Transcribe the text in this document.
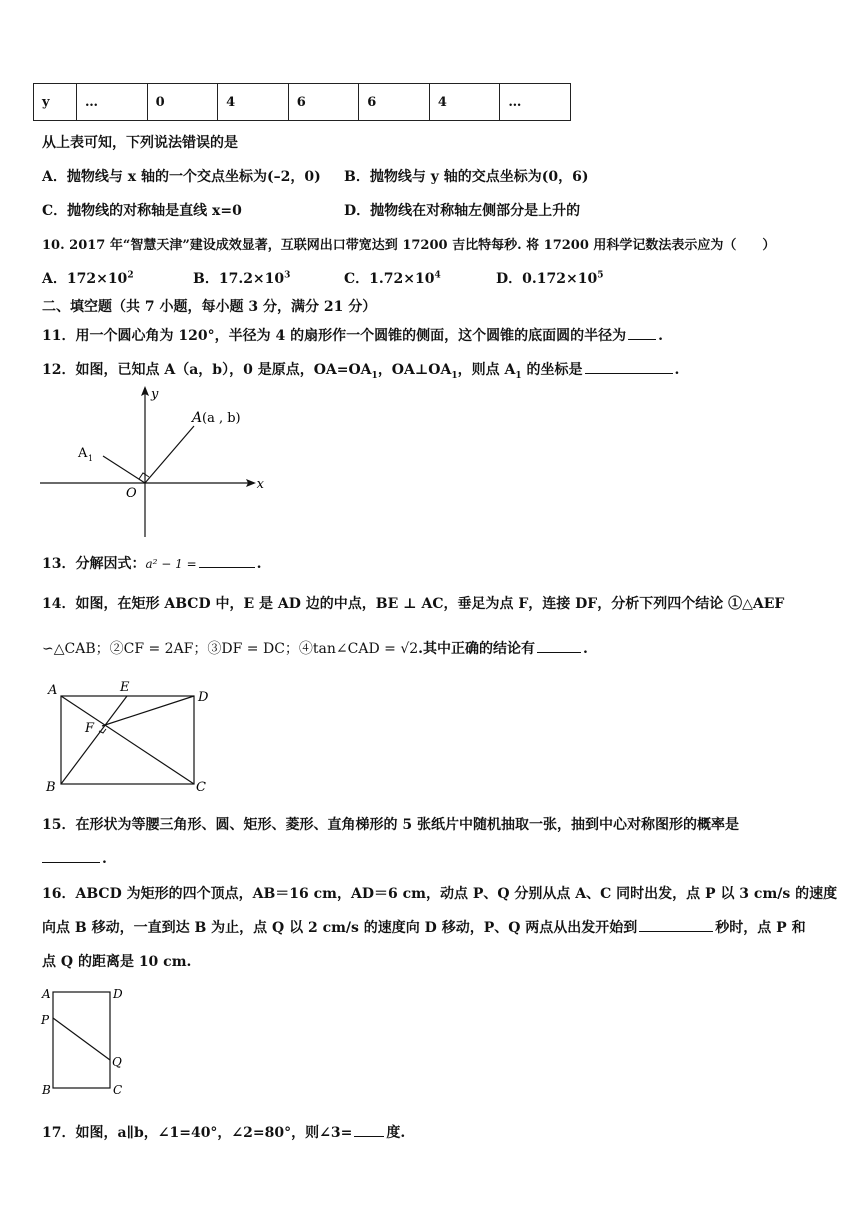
y	…	0	4	6	6	4	…
从上表可知，下列说法错误的是
A．抛物线与 x 轴的一个交点坐标为(–2，0) B．抛物线与 y 轴的交点坐标为(0，6)
C．抛物线的对称轴是直线 x=0	D．抛物线在对称轴左侧部分是上升的
10. 2017 年“智慧天津”建设成效显著，互联网出口带宽达到 17200 吉比特每秒. 将 17200 用科学记数法表示应为（　　）
A．$172\times 10^2$	B．$17.2\times 10^3$	C．$1.72\times 10^4$	D．$0.172\times 10^5$
二、填空题（共 7 小题，每小题 3 分，满分 21 分）
11．用一个圆心角为 120°，半径为 4 的扇形作一个圆锥的侧面，这个圆锥的底面圆的半径为 .
12．如图，已知点 A（a，b），0 是原点，$OA=OA_1$，$OA\perp OA_1$，则点 $A_1$ 的坐标是	.
x
y
O
A (a , b)
A 1
13．分解因式：a² − 1 =	.
14．如图，在矩形 ABCD 中，E 是 AD 边的中点，BE ⊥ AC，垂足为点 F，连接 DF，分析下列四个结论 ①△AEF
∽△CAB；②CF = 2AF；③DF = DC；④tan∠CAD = √2.其中正确的结论有	.
A	E
D
F
B	C
15．在形状为等腰三角形、圆、矩形、菱形、直角梯形的 5 张纸片中随机抽取一张，抽到中心对称图形的概率是
.
16．ABCD 为矩形的四个顶点，AB＝16 cm，AD＝6 cm，动点 P、Q 分别从点 A、C 同时出发，点 P 以 3 cm/s 的速度
向点 B 移动，一直到达 B 为止，点 Q 以 2 cm/s 的速度向 D 移动，P、Q 两点从出发开始到	秒时，点 P 和
点 Q 的距离是 10 cm.
A	D
P
Q
B	C
17．如图，a∥b，∠1=40°，∠2=80°，则∠3= 度.
